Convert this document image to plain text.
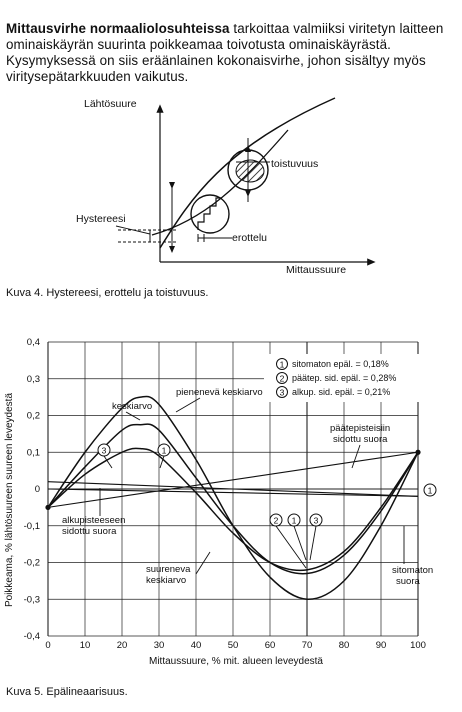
Mittausvirhe normaaliolosuhteissa tarkoittaa valmiiksi viritetyn laitteen ominaiskäyrän suurinta poikkeamaa toivotusta ominaiskäyrästä. Kysymyksessä on siis eräänlainen kokonaisvirhe, johon sisältyy myös viritysepätarkkuuden vaikutus.

Lähtösuure
Mittaussuure
toistuvuus
erottelu
Hystereesi
Kuva 4. Hystereesi, erottelu ja toistuvuus.
0	10	20	30	40	50	60	70	80	90	100
0,4
0,3
0,2
0,1
0
-0,1
-0,2
-0,3
-0,4
pienenevä keskiarvo
keskiarvo
päätepisteisiin
sidottu suora
alkupisteeseen
sidottu suora
suureneva
keskiarvo
sitomaton
suora
3	1
2 1 3
1
Poikkeama, % lähtösuureen suureen leveydestä
Mittaussuure, % mit. alueen leveydestä
1 sitomaton epäl. = 0,18%
2 päätep. sid. epäl. = 0,28%
3 alkup. sid. epäl. = 0,21%
Kuva 5. Epälineaarisuus.
